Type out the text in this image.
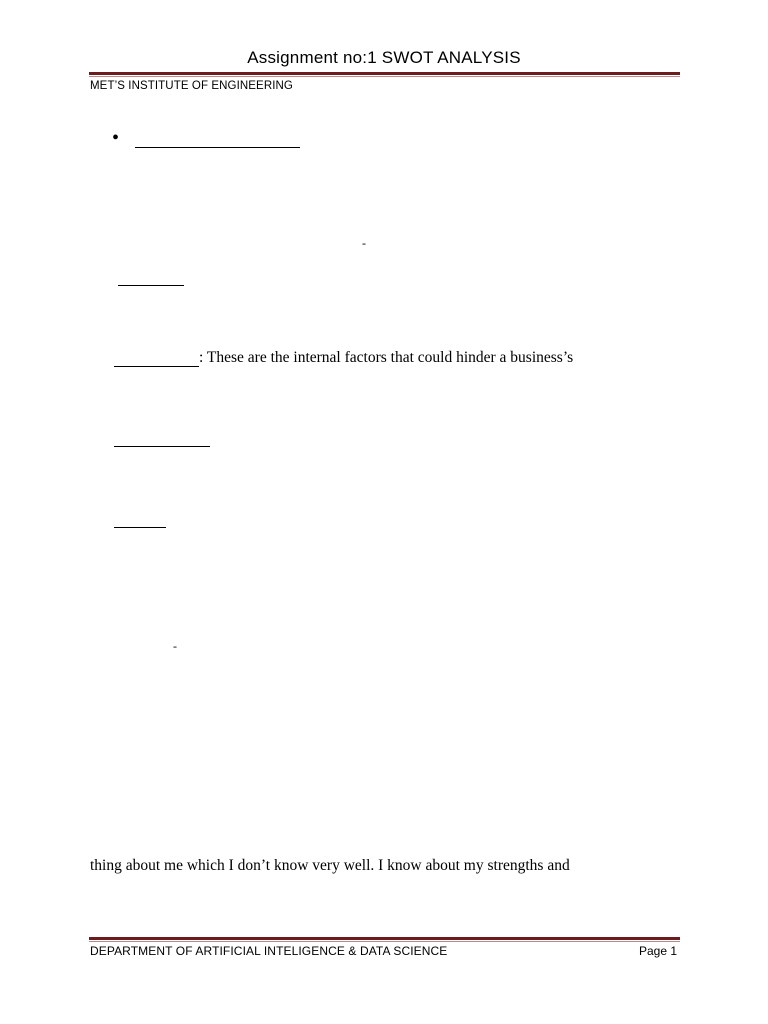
Assignment no:1 SWOT ANALYSIS
MET’S INSTITUTE OF ENGINEERING
•
-
: These are the internal factors that could hinder a business’s
-
thing about me which I don’t know very well. I know about my strengths and
DEPARTMENT OF ARTIFICIAL INTELIGENCE & DATA SCIENCE	Page 1
